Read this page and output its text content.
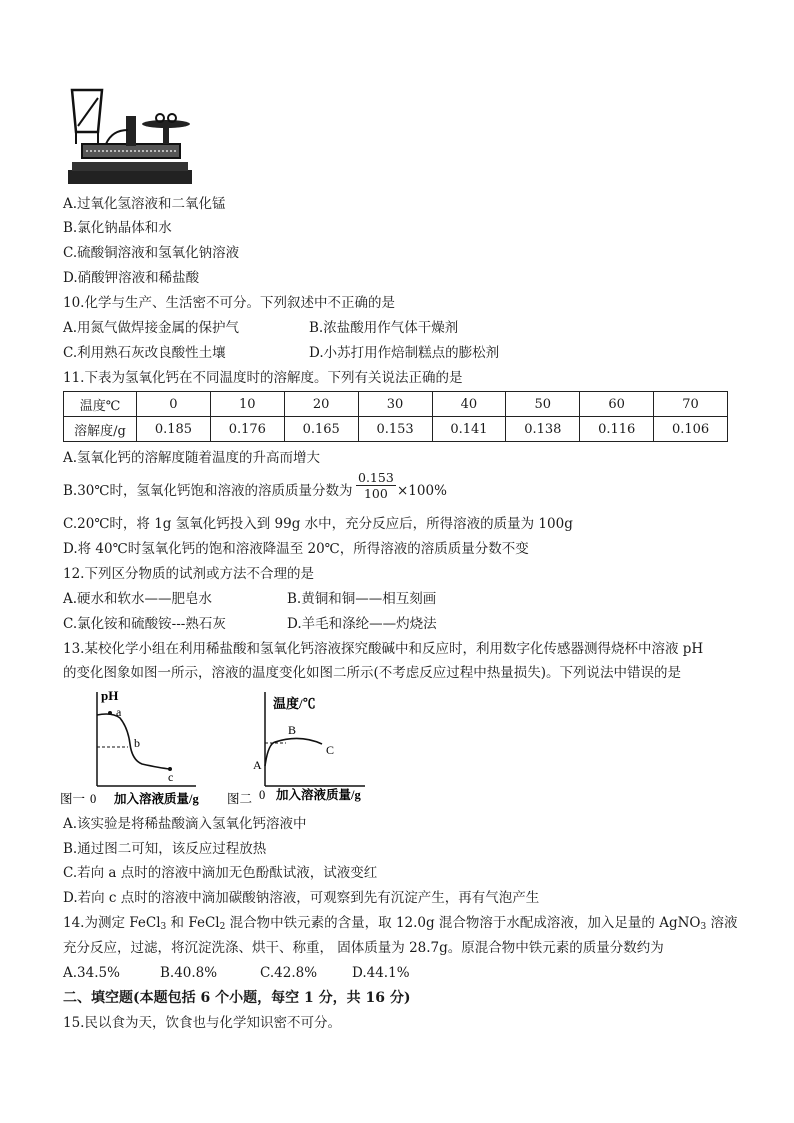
A.过氧化氢溶液和二氧化锰
B.氯化钠晶体和水
C.硫酸铜溶液和氢氧化钠溶液
D.硝酸钾溶液和稀盐酸
10.化学与生产、生活密不可分。下列叙述中不正确的是
A.用氮气做焊接金属的保护气	B.浓盐酸用作气体干燥剂
C.利用熟石灰改良酸性土壤	D.小苏打用作焙制糕点的膨松剂
11.下表为氢氧化钙在不同温度时的溶解度。下列有关说法正确的是
温度℃	0	10	20	30	40	50	60	70
溶解度/g	0.185	0.176	0.165	0.153	0.141	0.138	0.116	0.106
A.氢氧化钙的溶解度随着温度的升高而增大
B.30℃时，氢氧化钙饱和溶液的溶质质量分数为 $\frac{0.153}{100} \times 100\%$
C.20℃时，将 1g 氢氧化钙投入到 99g 水中，充分反应后，所得溶液的质量为 100g
D.将 40℃时氢氧化钙的饱和溶液降温至 20℃，所得溶液的溶质质量分数不变
12.下列区分物质的试剂或方法不合理的是
A.硬水和软水——肥皂水	B.黄铜和铜——相互刻画
C.氯化铵和硫酸铵---熟石灰	D.羊毛和涤纶——灼烧法
13.某校化学小组在利用稀盐酸和氢氧化钙溶液探究酸碱中和反应时，利用数字化传感器测得烧杯中溶液 pH
的变化图象如图一所示，溶液的温度变化如图二所示(不考虑反应过程中热量损失)。下列说法中错误的是
pH
a
b
c
图一 0 加入溶液质量/g
温度/℃
A
B
C
图二 0 加入溶液质量/g
A.该实验是将稀盐酸滴入氢氧化钙溶液中
B.通过图二可知，该反应过程放热
C.若向 a 点时的溶液中滴加无色酚酞试液，试液变红
D.若向 c 点时的溶液中滴加碳酸钠溶液，可观察到先有沉淀产生，再有气泡产生
14.为测定 FeCl$_3$ 和 FeCl$_2$ 混合物中铁元素的含量，取 12.0g 混合物溶于水配成溶液，加入足量的 AgNO$_3$ 溶液
充分反应，过滤，将沉淀洗涤、烘干、称重， 固体质量为 28.7g。原混合物中铁元素的质量分数约为
A.34.5%	B.40.8%	C.42.8%	D.44.1%
二、填空题(本题包括 6 个小题，每空 1 分，共 16 分)
15.民以食为天，饮食也与化学知识密不可分。
